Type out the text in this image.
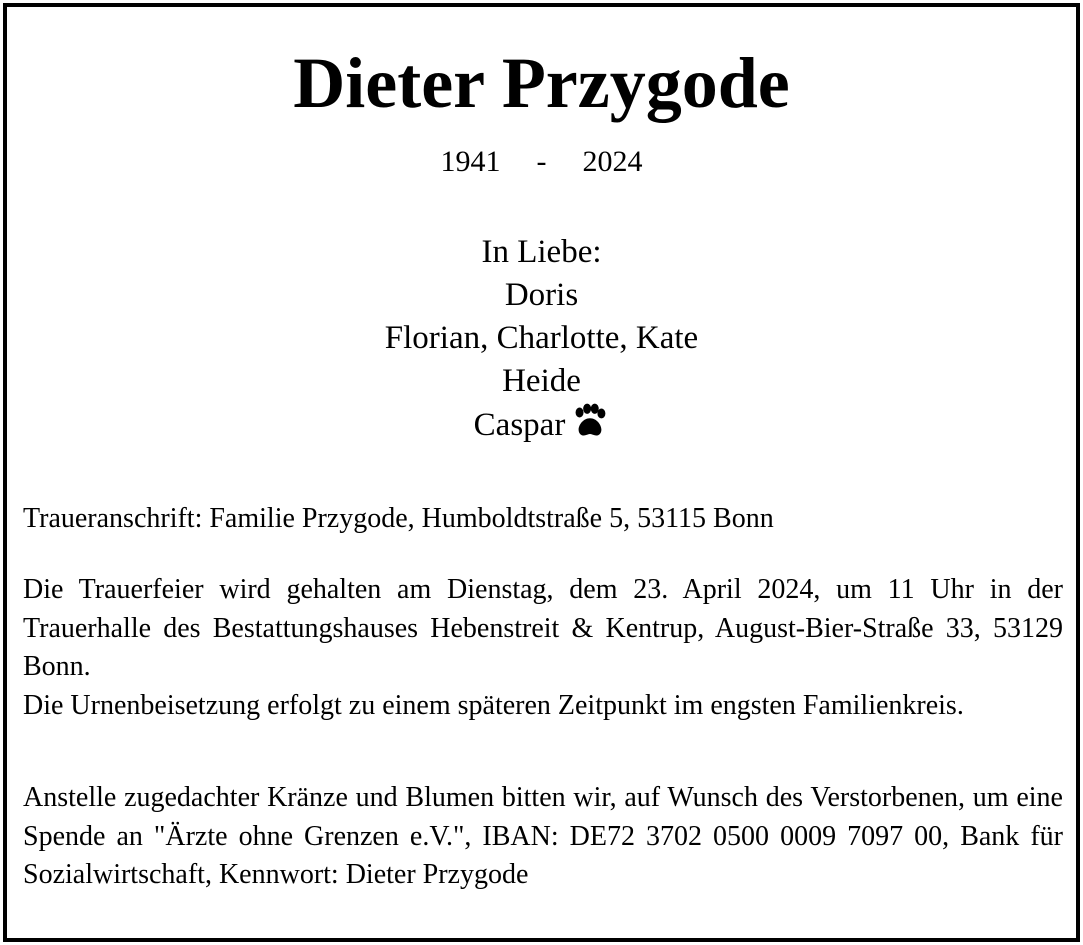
Dieter Przygode
1941 - 2024
In Liebe:
Doris
Florian, Charlotte, Kate
Heide
Caspar
Traueranschrift: Familie Przygode, Humboldtstraße 5, 53115 Bonn
Die Trauerfeier wird gehalten am Dienstag, dem 23. April 2024, um 11 Uhr in der Trauerhalle des Bestattungshauses Hebenstreit & Kentrup, August-Bier-Straße 33, 53129 Bonn.
Die Urnenbeisetzung erfolgt zu einem späteren Zeitpunkt im engsten Familienkreis.
Anstelle zugedachter Kränze und Blumen bitten wir, auf Wunsch des Verstorbenen, um eine Spende an "Ärzte ohne Grenzen e.V.", IBAN: DE72 3702 0500 0009 7097 00, Bank für Sozialwirtschaft, Kennwort: Dieter Przygode
